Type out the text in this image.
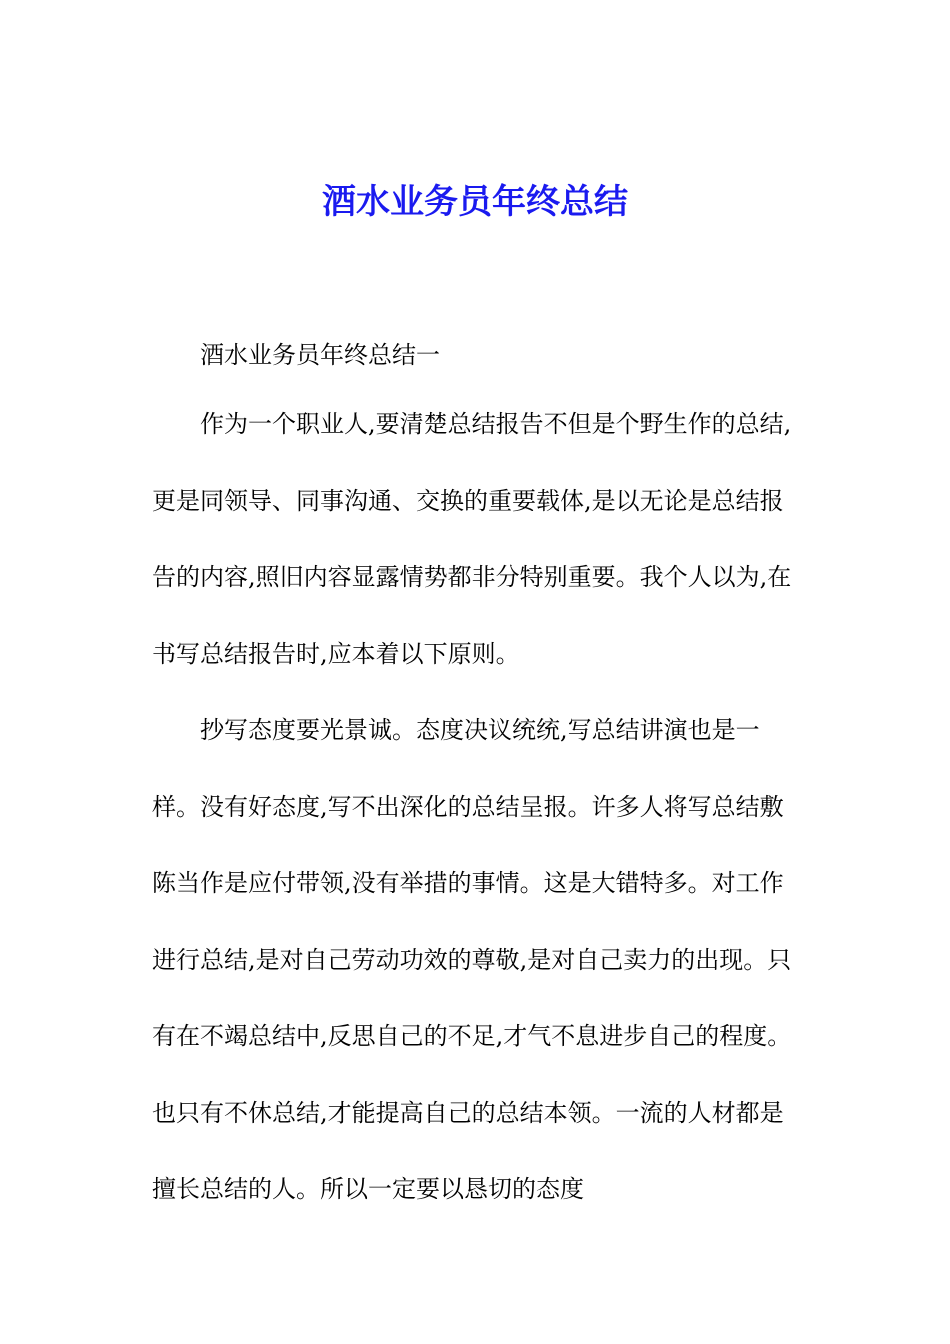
酒水业务员年终总结
酒水业务员年终总结一
作为一个职业人,要清楚总结报告不但是个野生作的总结,更是同领导、同事沟通、交换的重要载体,是以无论是总结报告的内容,照旧内容显露情势都非分特别重要。我个人以为,在书写总结报告时,应本着以下原则。
抄写态度要光景诚。态度决议统统,写总结讲演也是一样。没有好态度,写不出深化的总结呈报。许多人将写总结敷陈当作是应付带领,没有举措的事情。这是大错特多。对工作进行总结,是对自己劳动功效的尊敬,是对自己卖力的出现。只有在不竭总结中,反思自己的不足,才气不息进步自己的程度。也只有不休总结,才能提高自己的总结本领。一流的人材都是擅长总结的人。所以一定要以恳切的态度
